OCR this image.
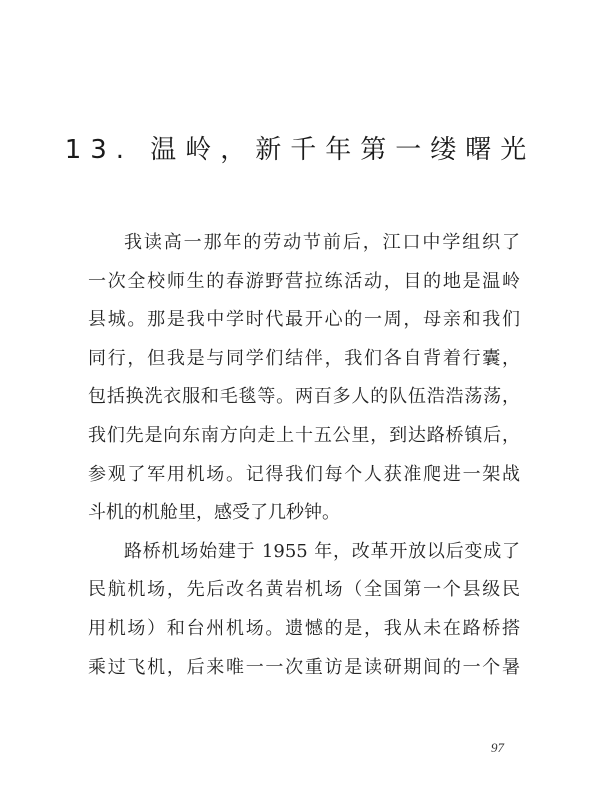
13. 温岭，新千年第一缕曙光
我读高一那年的劳动节前后，江口中学组织了
一次全校师生的春游野营拉练活动，目的地是温岭
县城。那是我中学时代最开心的一周，母亲和我们
同行，但我是与同学们结伴，我们各自背着行囊，
包括换洗衣服和毛毯等。两百多人的队伍浩浩荡荡，
我们先是向东南方向走上十五公里，到达路桥镇后，
参观了军用机场。记得我们每个人获准爬进一架战
斗机的机舱里，感受了几秒钟。
路桥机场始建于 1955 年，改革开放以后变成了
民航机场，先后改名黄岩机场（全国第一个县级民
用机场）和台州机场。遗憾的是，我从未在路桥搭
乘过飞机，后来唯一一次重访是读研期间的一个暑
97
